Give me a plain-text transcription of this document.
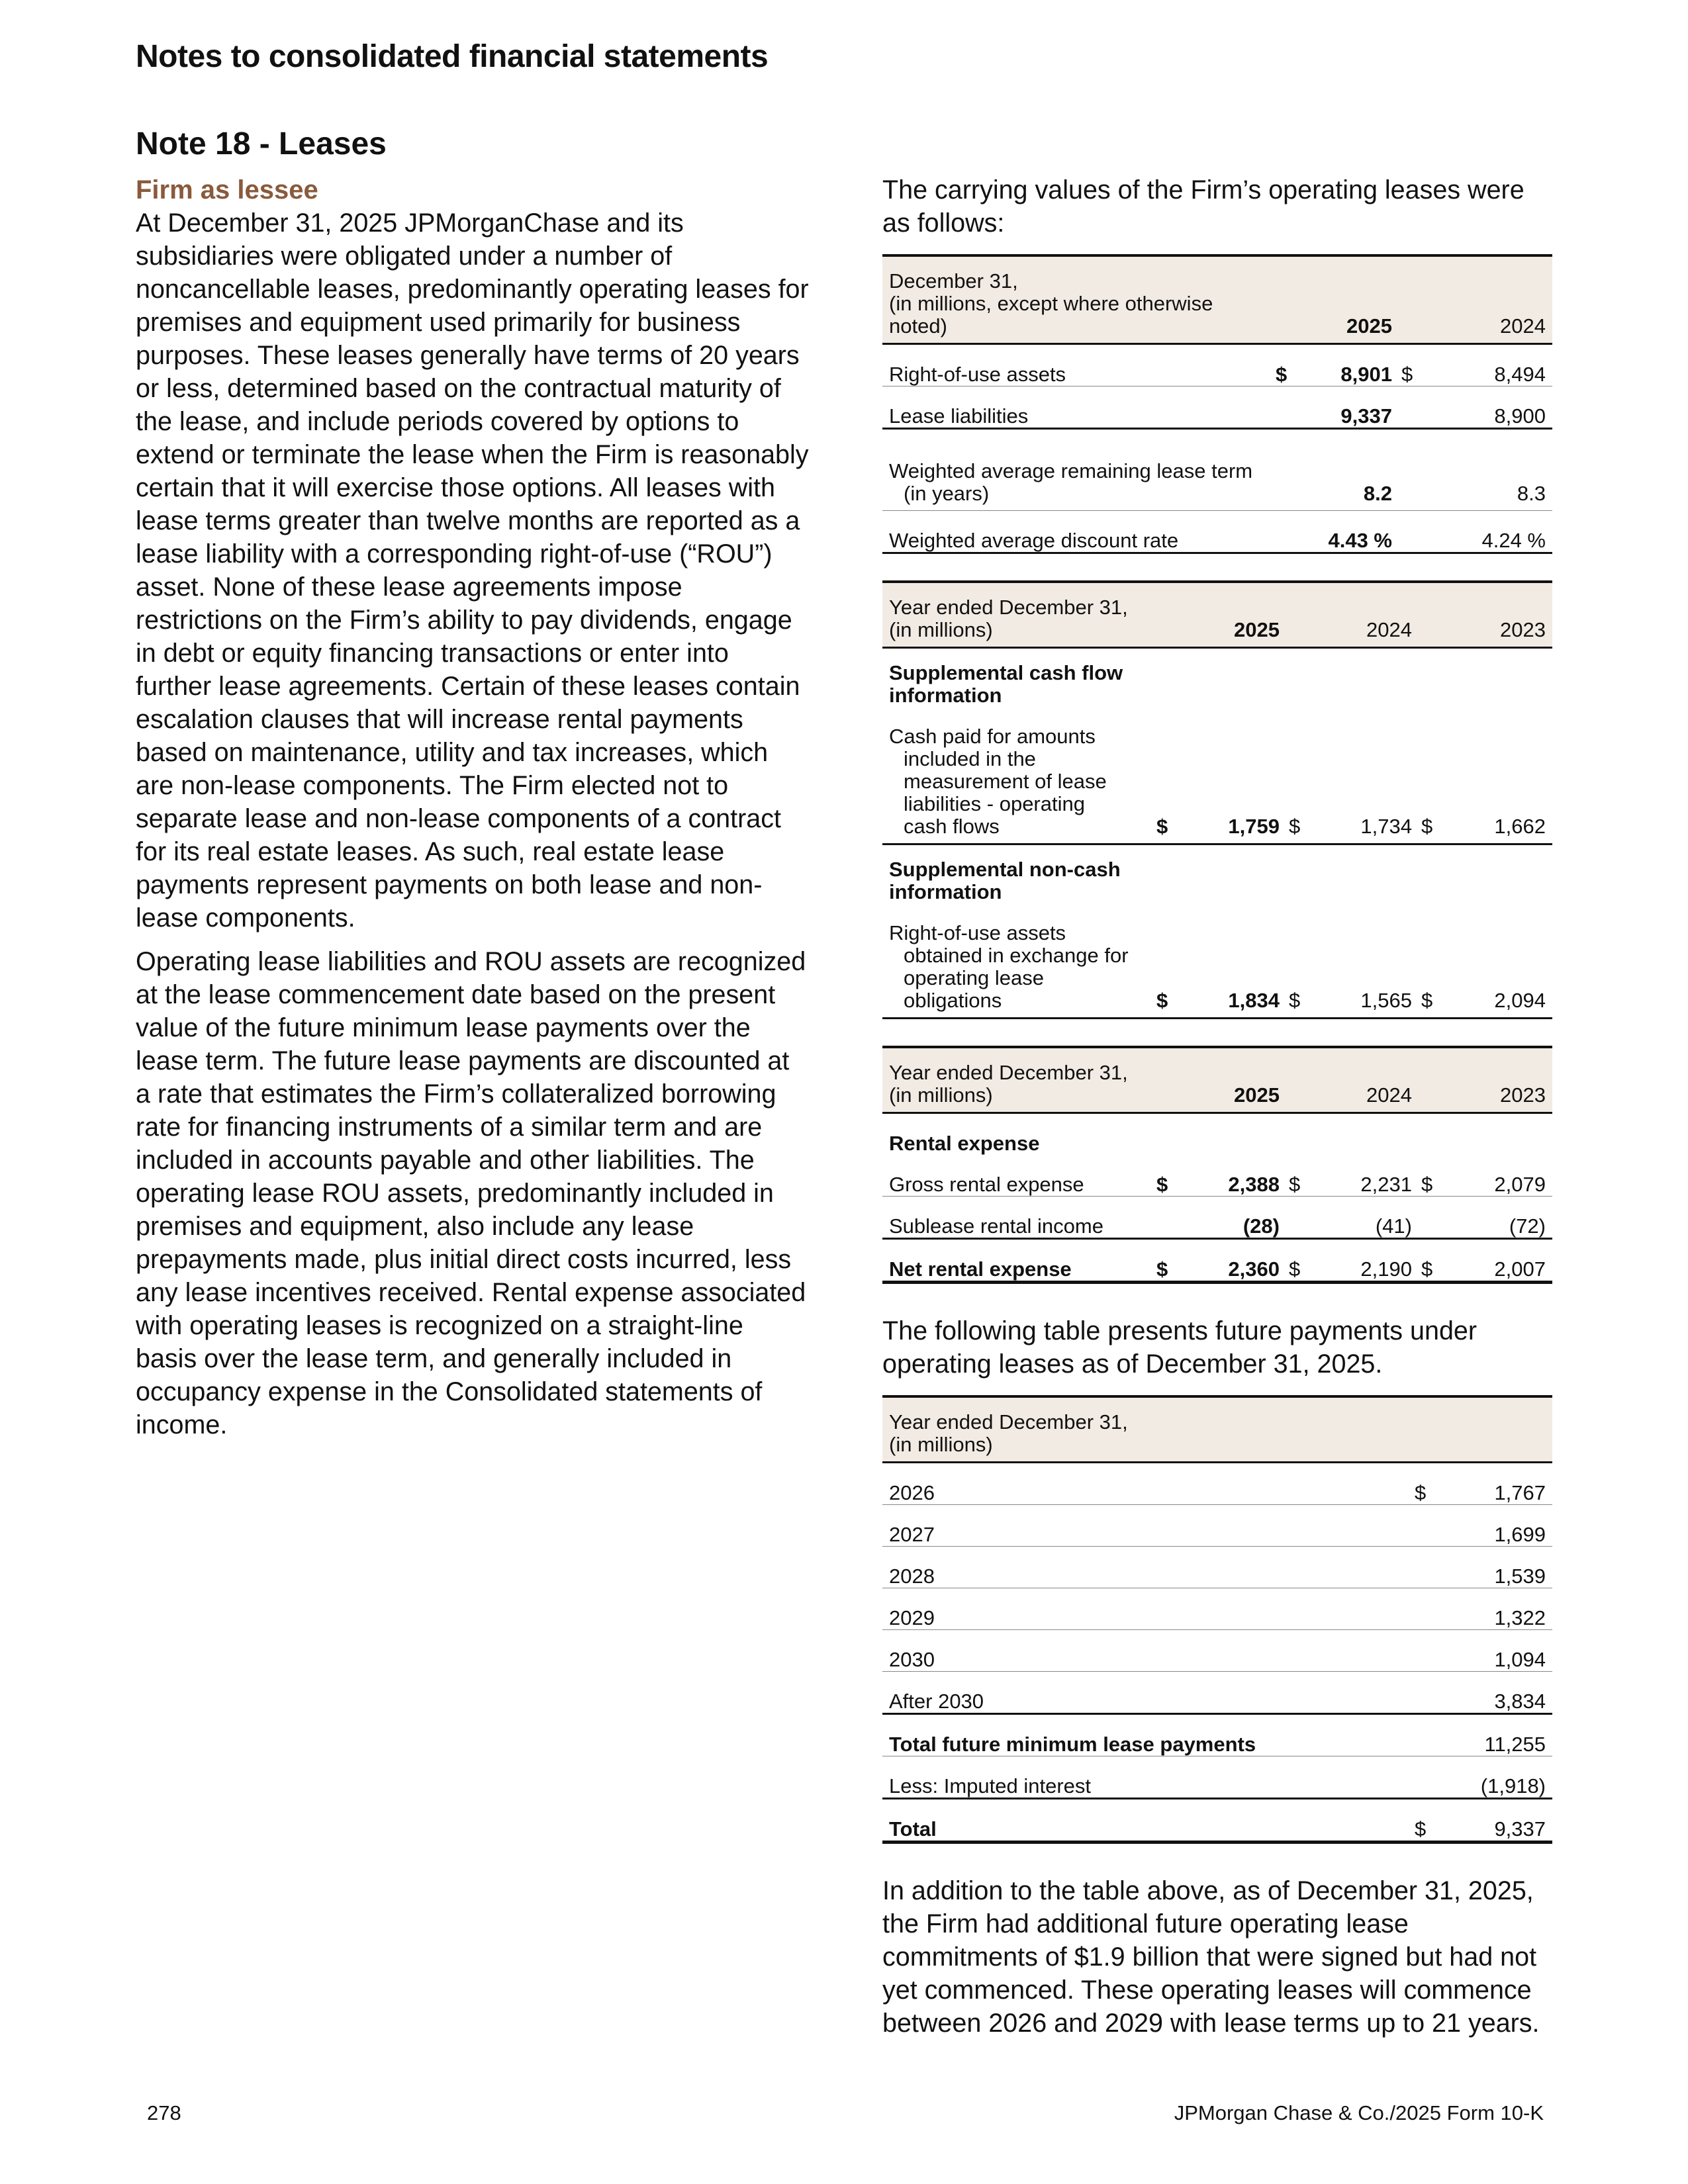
Notes to consolidated financial statements
Note 18 - Leases
Firm as lessee

At December 31, 2025 JPMorganChase and its subsidiaries were obligated under a number of noncancellable leases, predominantly operating leases for premises and equipment used primarily for business purposes. These leases generally have terms of 20 years or less, determined based on the contractual maturity of the lease, and include periods covered by options to extend or terminate the lease when the Firm is reasonably certain that it will exercise those options. All leases with lease terms greater than twelve months are reported as a lease liability with a corresponding right-of-use (“ROU”) asset. None of these lease agreements impose restrictions on the Firm’s ability to pay dividends, engage in debt or equity financing transactions or enter into further lease agreements. Certain of these leases contain escalation clauses that will increase rental payments based on maintenance, utility and tax increases, which are non-lease components. The Firm elected not to separate lease and non-lease components of a contract for its real estate leases. As such, real estate lease payments represent payments on both lease and non-lease components.

Operating lease liabilities and ROU assets are recognized at the lease commencement date based on the present value of the future minimum lease payments over the lease term. The future lease payments are discounted at a rate that estimates the Firm’s collateralized borrowing rate for financing instruments of a similar term and are included in accounts payable and other liabilities. The operating lease ROU assets, predominantly included in premises and equipment, also include any lease prepayments made, plus initial direct costs incurred, less any lease incentives received. Rental expense associated with operating leases is recognized on a straight-line basis over the lease term, and generally included in occupancy expense in the Consolidated statements of income.

The carrying values of the Firm’s operating leases were as follows:

December 31,
(in millions, except where otherwise
noted)	2025		2024	
Right-of-use assets	$	8,901	$	8,494
Lease liabilities		9,337		8,900

Weighted average remaining lease term
(in years)		8.2		8.3
Weighted average discount rate		4.43 %		4.24 %
Year ended December 31,
(in millions)	2025		2024		2023	
Supplemental cash flow
information						
Cash paid for amounts
included in the
measurement of lease
liabilities - operating
cash flows	$	1,759	$	1,734	$	1,662
Supplemental non-cash
information						
Right-of-use assets
obtained in exchange for
operating lease
obligations	$	1,834	$	1,565	$	2,094
Year ended December 31,
(in millions)	2025		2024		2023	
Rental expense						
Gross rental expense	$	2,388	$	2,231	$	2,079
Sublease rental income		(28)		(41)		(72)
Net rental expense	$	2,360	$	2,190	$	2,007

The following table presents future payments under operating leases as of December 31, 2025.

Year ended December 31,
(in millions)		
2026	$	1,767
2027		1,699
2028		1,539
2029		1,322
2030		1,094
After 2030		3,834
Total future minimum lease payments		11,255
Less: Imputed interest		(1,918)
Total	$	9,337

In addition to the table above, as of December 31, 2025, the Firm had additional future operating lease commitments of $1.9 billion that were signed but had not yet commenced. These operating leases will commence between 2026 and 2029 with lease terms up to 21 years.

278	JPMorgan Chase & Co./2025 Form 10-K
